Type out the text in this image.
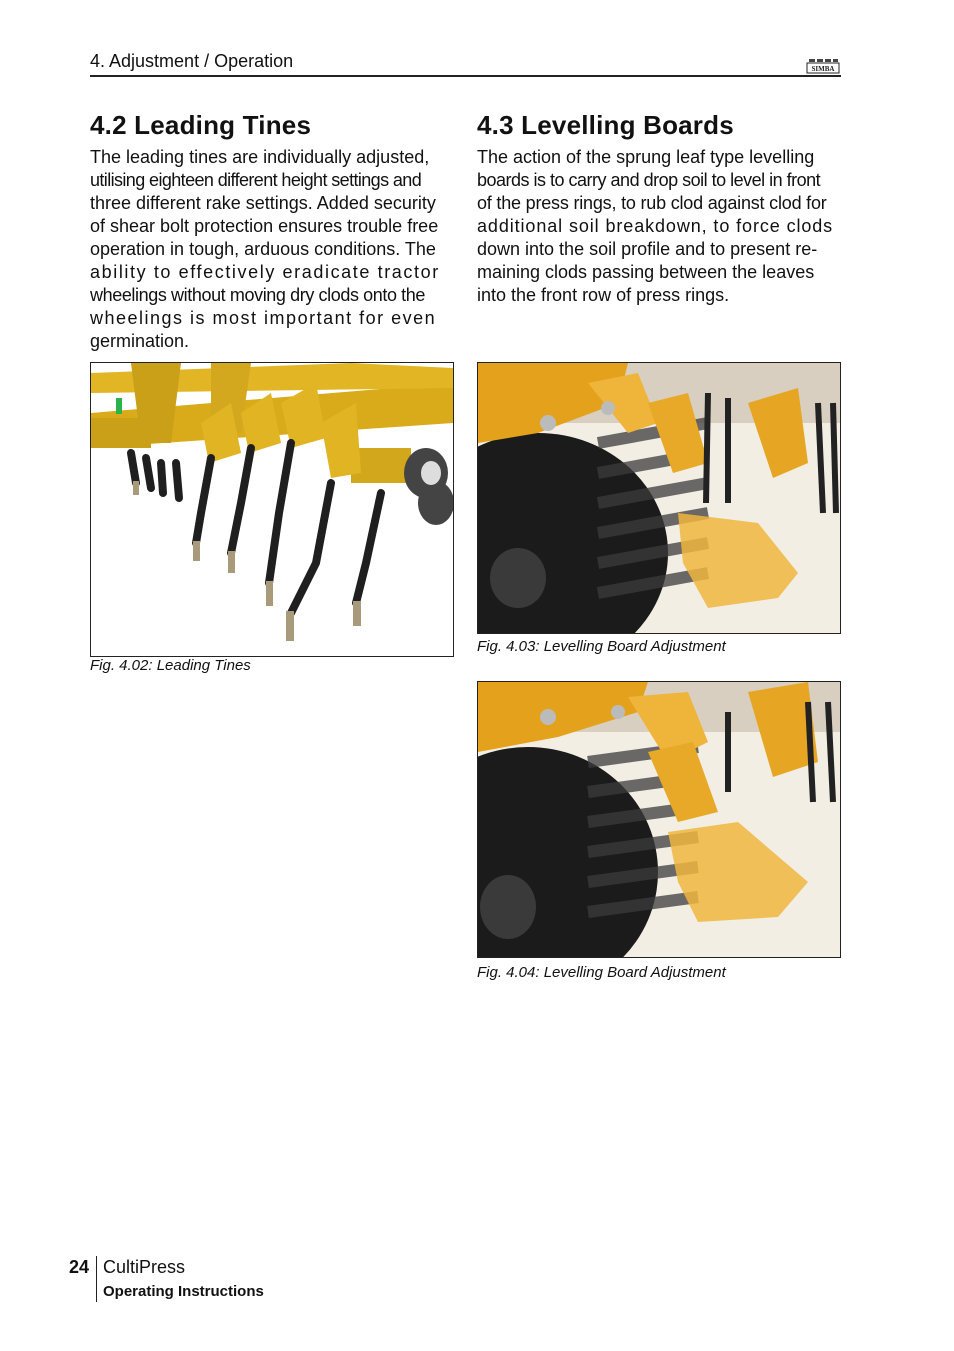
4. Adjustment / Operation	SIMBA
4.2 Leading Tines
The leading tines are individually adjusted,
utilising eighteen different height settings and
three different rake settings. Added security
of shear bolt protection ensures trouble free
operation in tough, arduous conditions. The
ability to effectively eradicate tractor
wheelings without moving dry clods onto the
wheelings is most important for even
germination.
Fig. 4.02: Leading Tines
4.3 Levelling Boards
The action of the sprung leaf type levelling
boards is to carry and drop soil to level in front
of the press rings, to rub clod against clod for
additional soil breakdown, to force clods
down into the soil profile and to present re-
maining clods passing between the leaves
into the front row of press rings.
Fig. 4.03: Levelling Board Adjustment
Fig. 4.04: Levelling Board Adjustment
24 CultiPress
Operating Instructions
